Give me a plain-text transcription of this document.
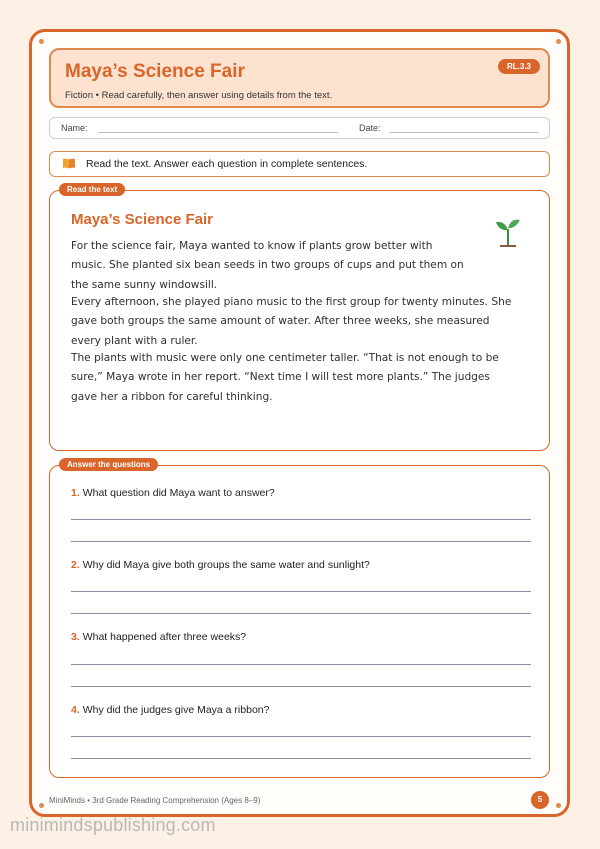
Maya’s Science Fair
Fiction • Read carefully, then answer using details from the text.
RL.3.3
Name:	Date:
Read the text. Answer each question in complete sentences.
Read the text
Maya’s Science Fair

For the science fair, Maya wanted to know if plants grow better with
music. She planted six bean seeds in two groups of cups and put them on
the same sunny windowsill.

Every afternoon, she played piano music to the first group for twenty minutes. She
gave both groups the same amount of water. After three weeks, she measured
every plant with a ruler.

The plants with music were only one centimeter taller. “That is not enough to be
sure,” Maya wrote in her report. “Next time I will test more plants.” The judges
gave her a ribbon for careful thinking.

Answer the questions
1. What question did Maya want to answer?
2. Why did Maya give both groups the same water and sunlight?
3. What happened after three weeks?
4. Why did the judges give Maya a ribbon?
MiniMinds • 3rd Grade Reading Comprehension (Ages 8–9)	5
minimindspublishing.com
